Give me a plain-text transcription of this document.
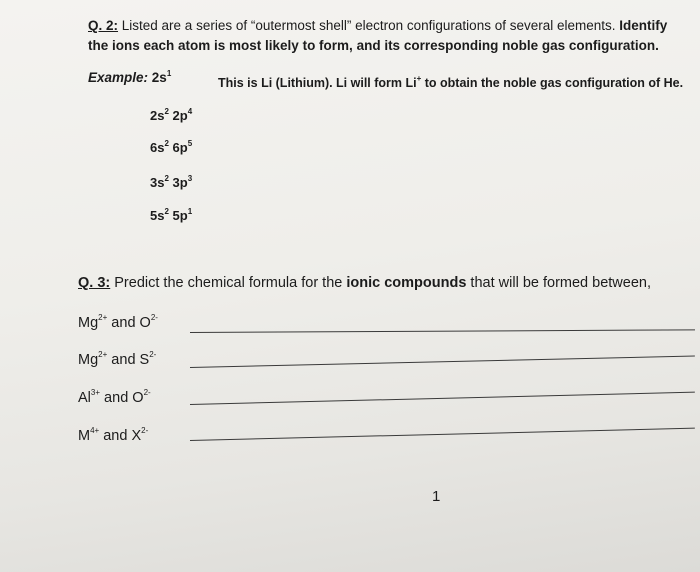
Q. 2: Listed are a series of “outermost shell” electron configurations of several elements. Identify the ions each atom is most likely to form, and its corresponding noble gas configuration.
Example: $2s^1$
This is Li (Lithium). Li will form Li+ to obtain the noble gas configuration of He.
$2s^2$ $2p^4$
$6s^2$ $6p^5$
$3s^2$ $3p^3$
$5s^2$ $5p^1$
Q. 3: Predict the chemical formula for the ionic compounds that will be formed between,
$Mg^{2+}$ and $O^{2-}$
$Mg^{2+}$ and $S^{2-}$
$Al^{3+}$ and $O^{2-}$
$M^{4+}$ and $X^{2-}$
1
